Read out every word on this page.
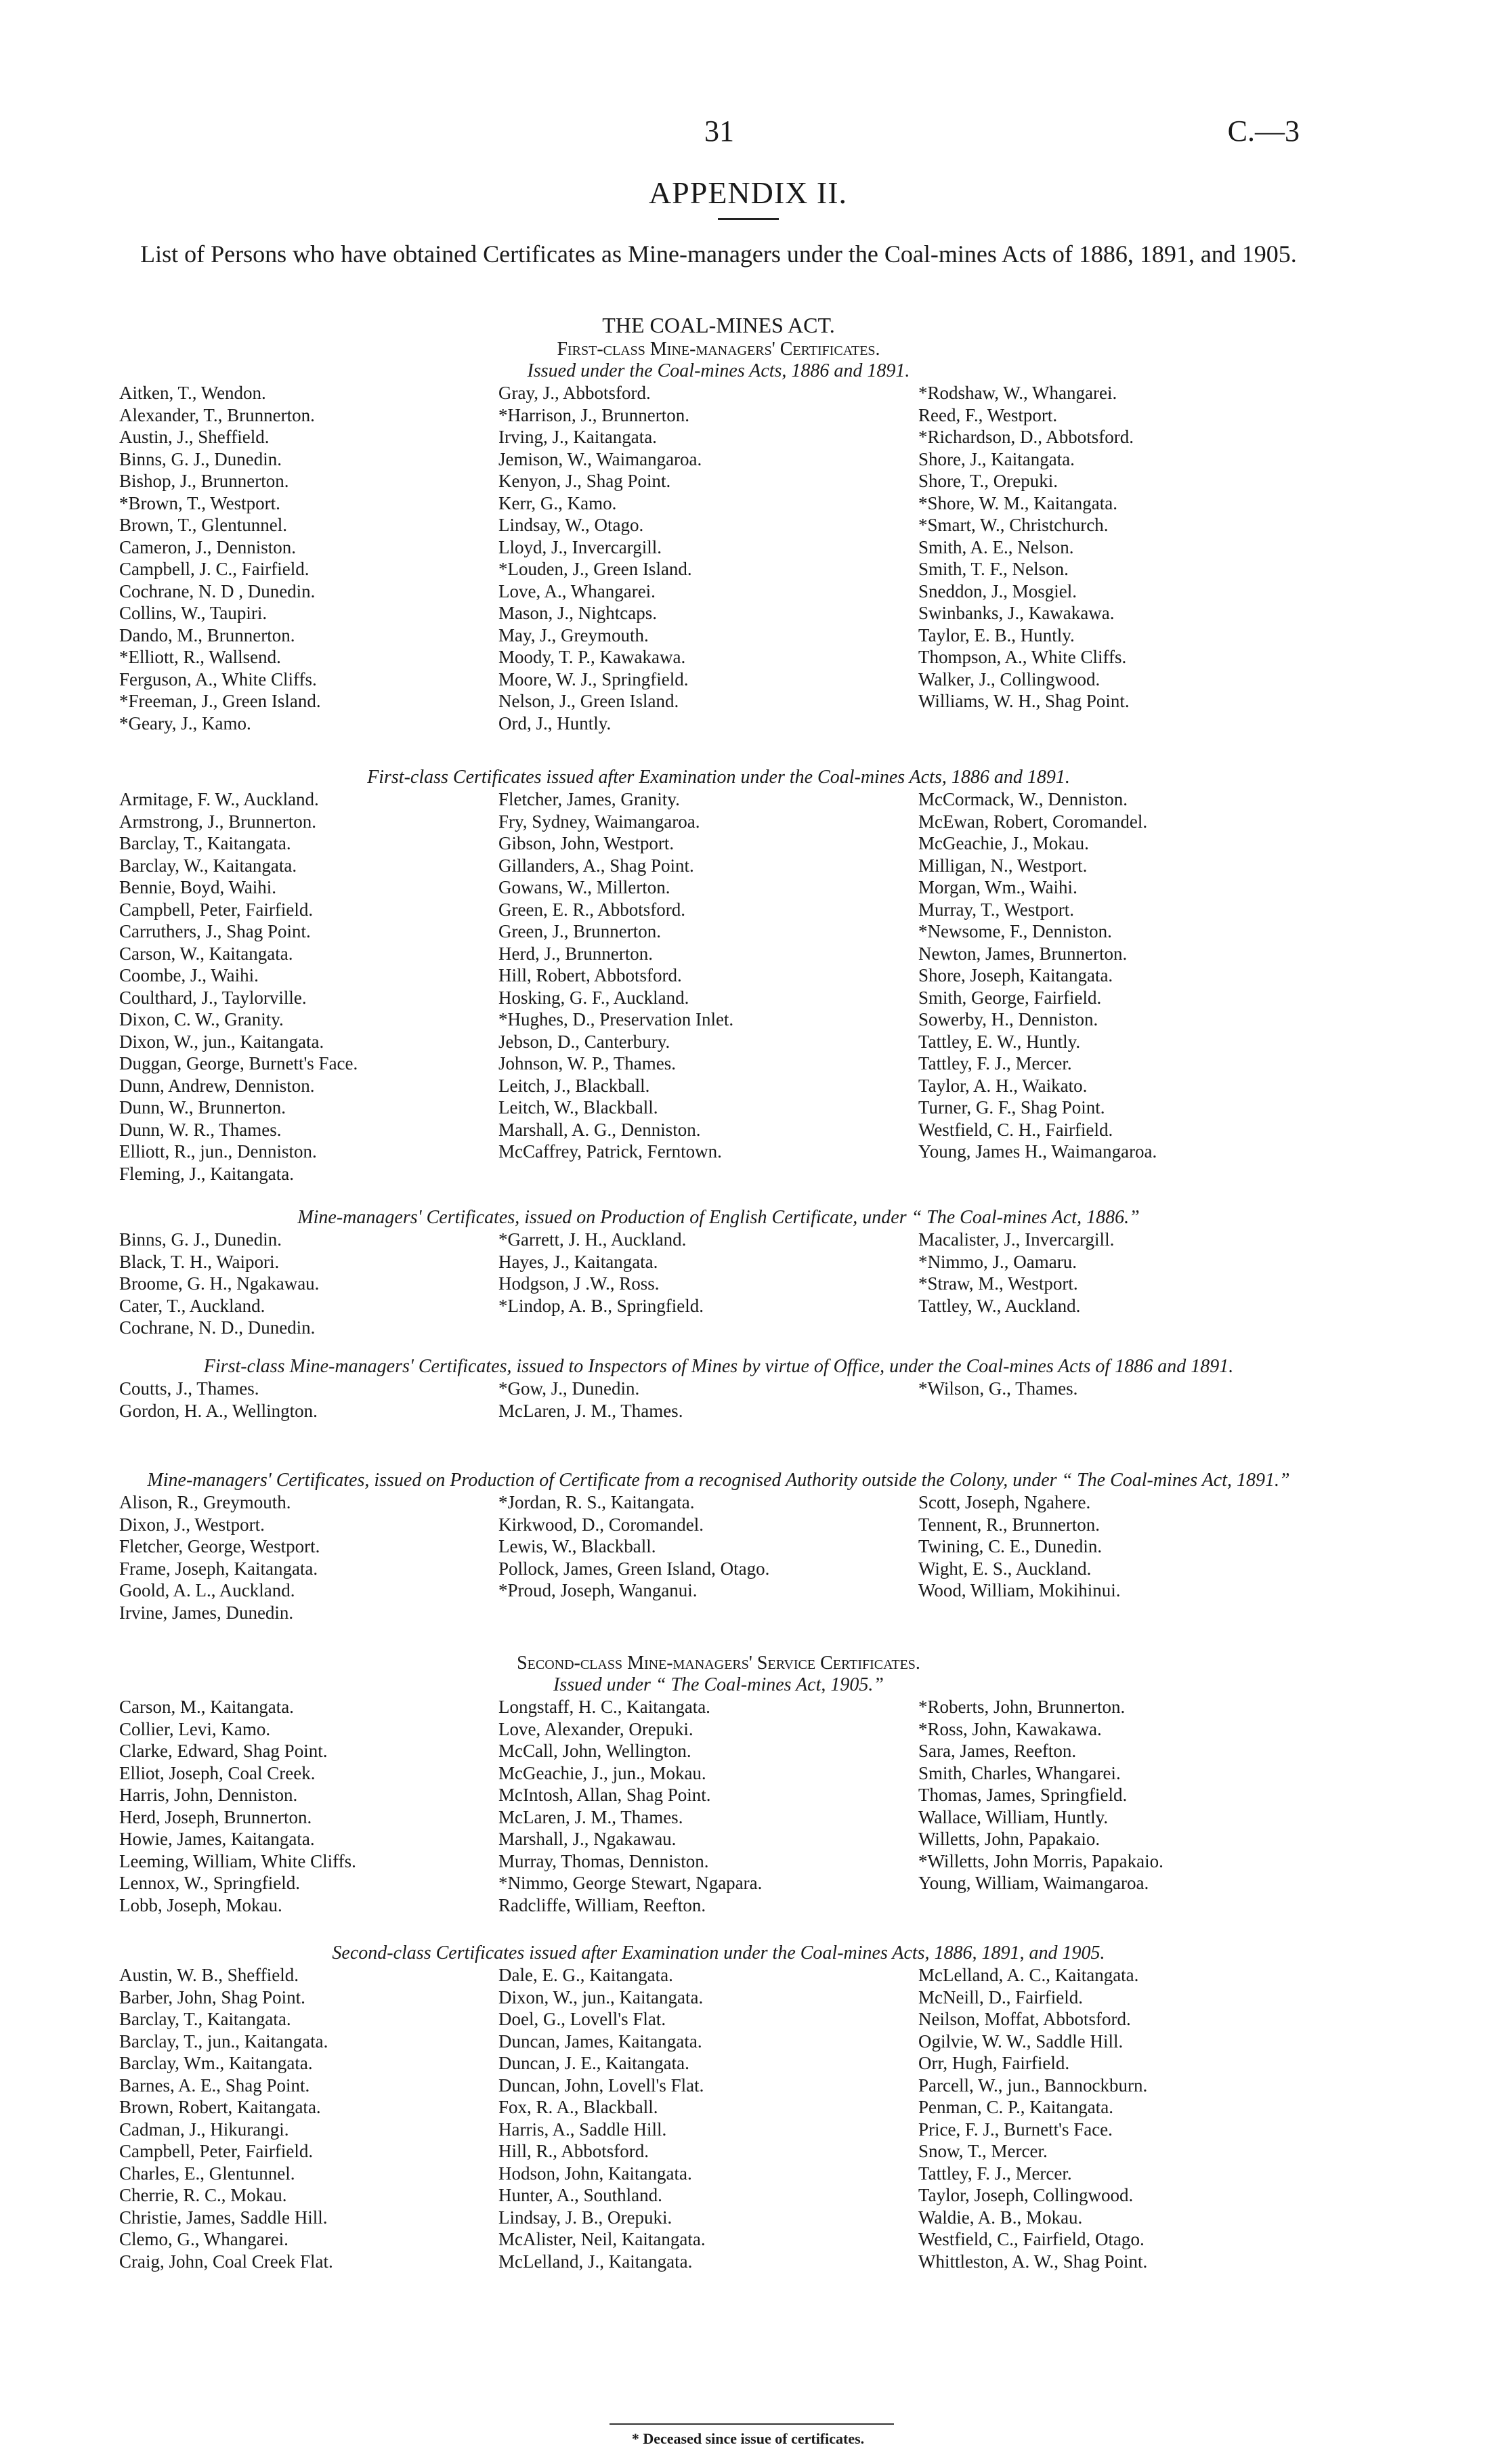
31	C.—3
APPENDIX II.
List of Persons who have obtained Certificates as Mine-managers under the Coal-mines Acts of 1886, 1891, and 1905.
THE COAL-MINES ACT.
First-class Mine-managers' Certificates.
Issued under the Coal-mines Acts, 1886 and 1891.
Aitken, T., Wendon.
Alexander, T., Brunnerton.
Austin, J., Sheffield.
Binns, G. J., Dunedin.
Bishop, J., Brunnerton.
*Brown, T., Westport.
Brown, T., Glentunnel.
Cameron, J., Denniston.
Campbell, J. C., Fairfield.
Cochrane, N. D , Dunedin.
Collins, W., Taupiri.
Dando, M., Brunnerton.
*Elliott, R., Wallsend.
Ferguson, A., White Cliffs.
*Freeman, J., Green Island.
*Geary, J., Kamo.
Gray, J., Abbotsford.
*Harrison, J., Brunnerton.
Irving, J., Kaitangata.
Jemison, W., Waimangaroa.
Kenyon, J., Shag Point.
Kerr, G., Kamo.
Lindsay, W., Otago.
Lloyd, J., Invercargill.
*Louden, J., Green Island.
Love, A., Whangarei.
Mason, J., Nightcaps.
May, J., Greymouth.
Moody, T. P., Kawakawa.
Moore, W. J., Springfield.
Nelson, J., Green Island.
Ord, J., Huntly.
*Rodshaw, W., Whangarei.
Reed, F., Westport.
*Richardson, D., Abbotsford.
Shore, J., Kaitangata.
Shore, T., Orepuki.
*Shore, W. M., Kaitangata.
*Smart, W., Christchurch.
Smith, A. E., Nelson.
Smith, T. F., Nelson.
Sneddon, J., Mosgiel.
Swinbanks, J., Kawakawa.
Taylor, E. B., Huntly.
Thompson, A., White Cliffs.
Walker, J., Collingwood.
Williams, W. H., Shag Point.
First-class Certificates issued after Examination under the Coal-mines Acts, 1886 and 1891.
Armitage, F. W., Auckland.
Armstrong, J., Brunnerton.
Barclay, T., Kaitangata.
Barclay, W., Kaitangata.
Bennie, Boyd, Waihi.
Campbell, Peter, Fairfield.
Carruthers, J., Shag Point.
Carson, W., Kaitangata.
Coombe, J., Waihi.
Coulthard, J., Taylorville.
Dixon, C. W., Granity.
Dixon, W., jun., Kaitangata.
Duggan, George, Burnett's Face.
Dunn, Andrew, Denniston.
Dunn, W., Brunnerton.
Dunn, W. R., Thames.
Elliott, R., jun., Denniston.
Fleming, J., Kaitangata.
Fletcher, James, Granity.
Fry, Sydney, Waimangaroa.
Gibson, John, Westport.
Gillanders, A., Shag Point.
Gowans, W., Millerton.
Green, E. R., Abbotsford.
Green, J., Brunnerton.
Herd, J., Brunnerton.
Hill, Robert, Abbotsford.
Hosking, G. F., Auckland.
*Hughes, D., Preservation Inlet.
Jebson, D., Canterbury.
Johnson, W. P., Thames.
Leitch, J., Blackball.
Leitch, W., Blackball.
Marshall, A. G., Denniston.
McCaffrey, Patrick, Ferntown.
McCormack, W., Denniston.
McEwan, Robert, Coromandel.
McGeachie, J., Mokau.
Milligan, N., Westport.
Morgan, Wm., Waihi.
Murray, T., Westport.
*Newsome, F., Denniston.
Newton, James, Brunnerton.
Shore, Joseph, Kaitangata.
Smith, George, Fairfield.
Sowerby, H., Denniston.
Tattley, E. W., Huntly.
Tattley, F. J., Mercer.
Taylor, A. H., Waikato.
Turner, G. F., Shag Point.
Westfield, C. H., Fairfield.
Young, James H., Waimangaroa.
Mine-managers' Certificates, issued on Production of English Certificate, under “ The Coal-mines Act, 1886.”
Binns, G. J., Dunedin.
Black, T. H., Waipori.
Broome, G. H., Ngakawau.
Cater, T., Auckland.
Cochrane, N. D., Dunedin.
*Garrett, J. H., Auckland.
Hayes, J., Kaitangata.
Hodgson, J .W., Ross.
*Lindop, A. B., Springfield.
Macalister, J., Invercargill.
*Nimmo, J., Oamaru.
*Straw, M., Westport.
Tattley, W., Auckland.
First-class Mine-managers' Certificates, issued to Inspectors of Mines by virtue of Office, under the Coal-mines Acts of 1886 and 1891.
Coutts, J., Thames.
Gordon, H. A., Wellington.
*Gow, J., Dunedin.
McLaren, J. M., Thames.
*Wilson, G., Thames.
Mine-managers' Certificates, issued on Production of Certificate from a recognised Authority outside the Colony, under “ The Coal-mines Act, 1891.”
Alison, R., Greymouth.
Dixon, J., Westport.
Fletcher, George, Westport.
Frame, Joseph, Kaitangata.
Goold, A. L., Auckland.
Irvine, James, Dunedin.
*Jordan, R. S., Kaitangata.
Kirkwood, D., Coromandel.
Lewis, W., Blackball.
Pollock, James, Green Island, Otago.
*Proud, Joseph, Wanganui.
Scott, Joseph, Ngahere.
Tennent, R., Brunnerton.
Twining, C. E., Dunedin.
Wight, E. S., Auckland.
Wood, William, Mokihinui.
Second-class Mine-managers' Service Certificates.
Issued under “ The Coal-mines Act, 1905.”
Carson, M., Kaitangata.
Collier, Levi, Kamo.
Clarke, Edward, Shag Point.
Elliot, Joseph, Coal Creek.
Harris, John, Denniston.
Herd, Joseph, Brunnerton.
Howie, James, Kaitangata.
Leeming, William, White Cliffs.
Lennox, W., Springfield.
Lobb, Joseph, Mokau.
Longstaff, H. C., Kaitangata.
Love, Alexander, Orepuki.
McCall, John, Wellington.
McGeachie, J., jun., Mokau.
McIntosh, Allan, Shag Point.
McLaren, J. M., Thames.
Marshall, J., Ngakawau.
Murray, Thomas, Denniston.
*Nimmo, George Stewart, Ngapara.
Radcliffe, William, Reefton.
*Roberts, John, Brunnerton.
*Ross, John, Kawakawa.
Sara, James, Reefton.
Smith, Charles, Whangarei.
Thomas, James, Springfield.
Wallace, William, Huntly.
Willetts, John, Papakaio.
*Willetts, John Morris, Papakaio.
Young, William, Waimangaroa.
Second-class Certificates issued after Examination under the Coal-mines Acts, 1886, 1891, and 1905.
Austin, W. B., Sheffield.
Barber, John, Shag Point.
Barclay, T., Kaitangata.
Barclay, T., jun., Kaitangata.
Barclay, Wm., Kaitangata.
Barnes, A. E., Shag Point.
Brown, Robert, Kaitangata.
Cadman, J., Hikurangi.
Campbell, Peter, Fairfield.
Charles, E., Glentunnel.
Cherrie, R. C., Mokau.
Christie, James, Saddle Hill.
Clemo, G., Whangarei.
Craig, John, Coal Creek Flat.
Dale, E. G., Kaitangata.
Dixon, W., jun., Kaitangata.
Doel, G., Lovell's Flat.
Duncan, James, Kaitangata.
Duncan, J. E., Kaitangata.
Duncan, John, Lovell's Flat.
Fox, R. A., Blackball.
Harris, A., Saddle Hill.
Hill, R., Abbotsford.
Hodson, John, Kaitangata.
Hunter, A., Southland.
Lindsay, J. B., Orepuki.
McAlister, Neil, Kaitangata.
McLelland, J., Kaitangata.
McLelland, A. C., Kaitangata.
McNeill, D., Fairfield.
Neilson, Moffat, Abbotsford.
Ogilvie, W. W., Saddle Hill.
Orr, Hugh, Fairfield.
Parcell, W., jun., Bannockburn.
Penman, C. P., Kaitangata.
Price, F. J., Burnett's Face.
Snow, T., Mercer.
Tattley, F. J., Mercer.
Taylor, Joseph, Collingwood.
Waldie, A. B., Mokau.
Westfield, C., Fairfield, Otago.
Whittleston, A. W., Shag Point.
* Deceased since issue of certificates.
